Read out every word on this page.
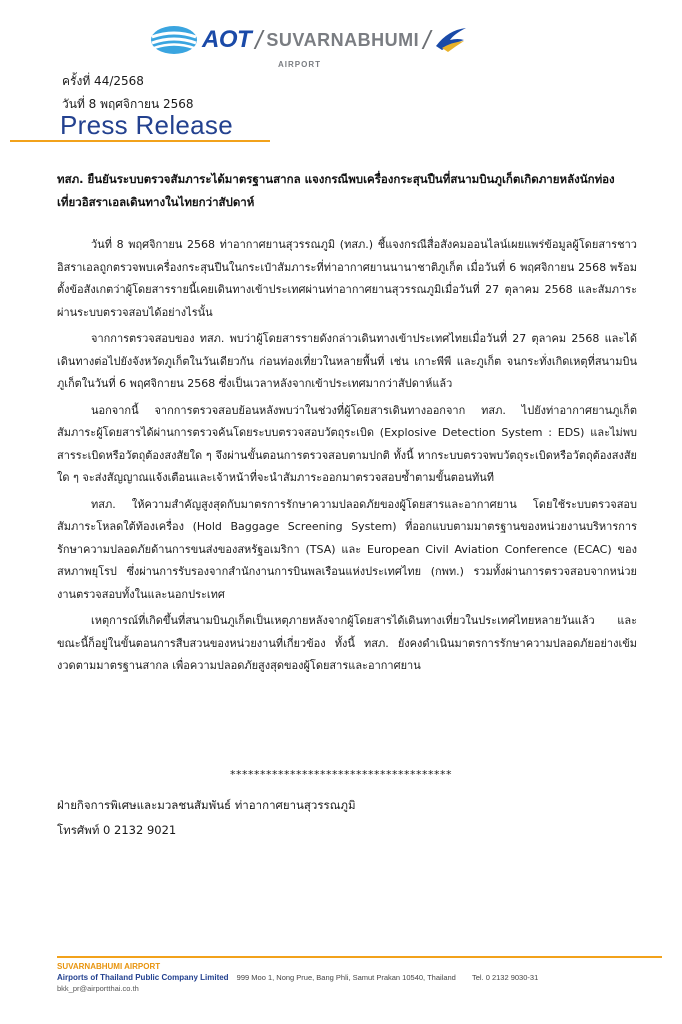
AOT / SUVARNABHUMI /
AIRPORT
ครั้งที่ 44/2568
วันที่ 8 พฤศจิกายน 2568
Press Release
ทสภ. ยืนยันระบบตรวจสัมภาระได้มาตรฐานสากล แจงกรณีพบเครื่องกระสุนปืนที่สนามบินภูเก็ตเกิดภายหลังนักท่องเที่ยวอิสราเอลเดินทางในไทยกว่าสัปดาห์

วันที่ 8 พฤศจิกายน 2568 ท่าอากาศยานสุวรรณภูมิ (ทสภ.) ชี้แจงกรณีสื่อสังคมออนไลน์เผยแพร่ข้อมูลผู้โดยสารชาวอิสราเอลถูกตรวจพบเครื่องกระสุนปืนในกระเป๋าสัมภาระที่ท่าอากาศยานนานาชาติภูเก็ต เมื่อวันที่ 6 พฤศจิกายน 2568 พร้อมตั้งข้อสังเกตว่าผู้โดยสารรายนี้เคยเดินทางเข้าประเทศผ่านท่าอากาศยานสุวรรณภูมิเมื่อวันที่ 27 ตุลาคม 2568 และสัมภาระผ่านระบบตรวจสอบได้อย่างไรนั้น

จากการตรวจสอบของ ทสภ. พบว่าผู้โดยสารรายดังกล่าวเดินทางเข้าประเทศไทยเมื่อวันที่ 27 ตุลาคม 2568 และได้เดินทางต่อไปยังจังหวัดภูเก็ตในวันเดียวกัน ก่อนท่องเที่ยวในหลายพื้นที่ เช่น เกาะพีพี และภูเก็ต จนกระทั่งเกิดเหตุที่สนามบินภูเก็ตในวันที่ 6 พฤศจิกายน 2568 ซึ่งเป็นเวลาหลังจากเข้าประเทศมากว่าสัปดาห์แล้ว

นอกจากนี้ จากการตรวจสอบย้อนหลังพบว่าในช่วงที่ผู้โดยสารเดินทางออกจาก ทสภ. ไปยังท่าอากาศยานภูเก็ต สัมภาระผู้โดยสารได้ผ่านการตรวจค้นโดยระบบตรวจสอบวัตถุระเบิด (Explosive Detection System : EDS) และไม่พบสารระเบิดหรือวัตถุต้องสงสัยใด ๆ จึงผ่านขั้นตอนการตรวจสอบตามปกติ ทั้งนี้ หากระบบตรวจพบวัตถุระเบิดหรือวัตถุต้องสงสัยใด ๆ จะส่งสัญญาณแจ้งเตือนและเจ้าหน้าที่จะนำสัมภาระออกมาตรวจสอบซ้ำตามขั้นตอนทันที

ทสภ. ให้ความสำคัญสูงสุดกับมาตรการรักษาความปลอดภัยของผู้โดยสารและอากาศยาน โดยใช้ระบบตรวจสอบสัมภาระโหลดใต้ท้องเครื่อง (Hold Baggage Screening System) ที่ออกแบบตามมาตรฐานของหน่วยงานบริหารการรักษาความปลอดภัยด้านการขนส่งของสหรัฐอเมริกา (TSA) และ European Civil Aviation Conference (ECAC) ของสหภาพยุโรป ซึ่งผ่านการรับรองจากสำนักงานการบินพลเรือนแห่งประเทศไทย (กพท.) รวมทั้งผ่านการตรวจสอบจากหน่วยงานตรวจสอบทั้งในและนอกประเทศ

เหตุการณ์ที่เกิดขึ้นที่สนามบินภูเก็ตเป็นเหตุภายหลังจากผู้โดยสารได้เดินทางเที่ยวในประเทศไทยหลายวันแล้ว และขณะนี้ก็อยู่ในขั้นตอนการสืบสวนของหน่วยงานที่เกี่ยวข้อง ทั้งนี้ ทสภ. ยังคงดำเนินมาตรการรักษาความปลอดภัยอย่างเข้มงวดตามมาตรฐานสากล เพื่อความปลอดภัยสูงสุดของผู้โดยสารและอากาศยาน

*************************************
ฝ่ายกิจการพิเศษและมวลชนสัมพันธ์ ท่าอากาศยานสุวรรณภูมิ
โทรศัพท์ 0 2132 9021
SUVARNABHUMI AIRPORT
Airports of Thailand Public Company Limited 999 Moo 1, Nong Prue, Bang Phli, Samut Prakan 10540, Thailand Tel. 0 2132 9030-31
bkk_pr@airportthai.co.th
